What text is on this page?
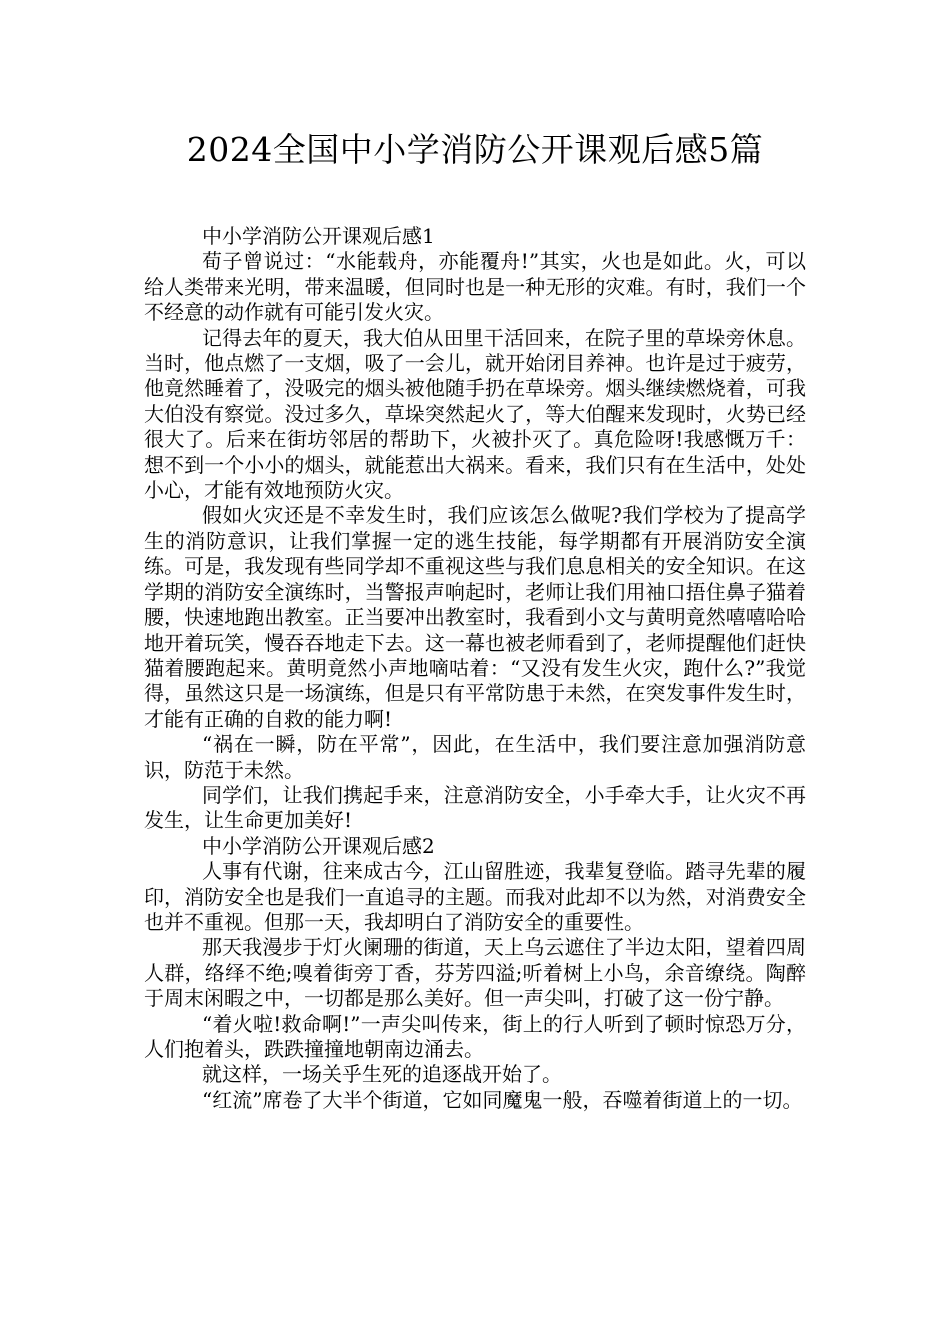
2024全国中小学消防公开课观后感5篇

中小学消防公开课观后感1

荀子曾说过：“水能载舟，亦能覆舟!”其实，火也是如此。火，可以给人类带来光明，带来温暖，但同时也是一种无形的灾难。有时，我们一个不经意的动作就有可能引发火灾。

记得去年的夏天，我大伯从田里干活回来，在院子里的草垛旁休息。当时，他点燃了一支烟，吸了一会儿，就开始闭目养神。也许是过于疲劳，他竟然睡着了，没吸完的烟头被他随手扔在草垛旁。烟头继续燃烧着，可我大伯没有察觉。没过多久，草垛突然起火了，等大伯醒来发现时，火势已经很大了。后来在街坊邻居的帮助下，火被扑灭了。真危险呀!我感慨万千：想不到一个小小的烟头，就能惹出大祸来。看来，我们只有在生活中，处处小心，才能有效地预防火灾。

假如火灾还是不幸发生时，我们应该怎么做呢?我们学校为了提高学生的消防意识，让我们掌握一定的逃生技能，每学期都有开展消防安全演练。可是，我发现有些同学却不重视这些与我们息息相关的安全知识。在这学期的消防安全演练时，当警报声响起时，老师让我们用袖口捂住鼻子猫着腰，快速地跑出教室。正当要冲出教室时，我看到小文与黄明竟然嘻嘻哈哈地开着玩笑，慢吞吞地走下去。这一幕也被老师看到了，老师提醒他们赶快猫着腰跑起来。黄明竟然小声地嘀咕着：“又没有发生火灾，跑什么?”我觉得，虽然这只是一场演练，但是只有平常防患于未然，在突发事件发生时，才能有正确的自救的能力啊!

“祸在一瞬，防在平常”，因此，在生活中，我们要注意加强消防意识，防范于未然。

同学们，让我们携起手来，注意消防安全，小手牵大手，让火灾不再发生，让生命更加美好!

中小学消防公开课观后感2

人事有代谢，往来成古今，江山留胜迹，我辈复登临。踏寻先辈的履印，消防安全也是我们一直追寻的主题。而我对此却不以为然，对消费安全也并不重视。但那一天，我却明白了消防安全的重要性。

那天我漫步于灯火阑珊的街道，天上乌云遮住了半边太阳，望着四周人群，络绎不绝;嗅着街旁丁香，芬芳四溢;听着树上小鸟，余音缭绕。陶醉于周末闲暇之中，一切都是那么美好。但一声尖叫，打破了这一份宁静。

“着火啦!救命啊!”一声尖叫传来，街上的行人听到了顿时惊恐万分，人们抱着头，跌跌撞撞地朝南边涌去。

就这样，一场关乎生死的追逐战开始了。

“红流”席卷了大半个街道，它如同魔鬼一般，吞噬着街道上的一切。
